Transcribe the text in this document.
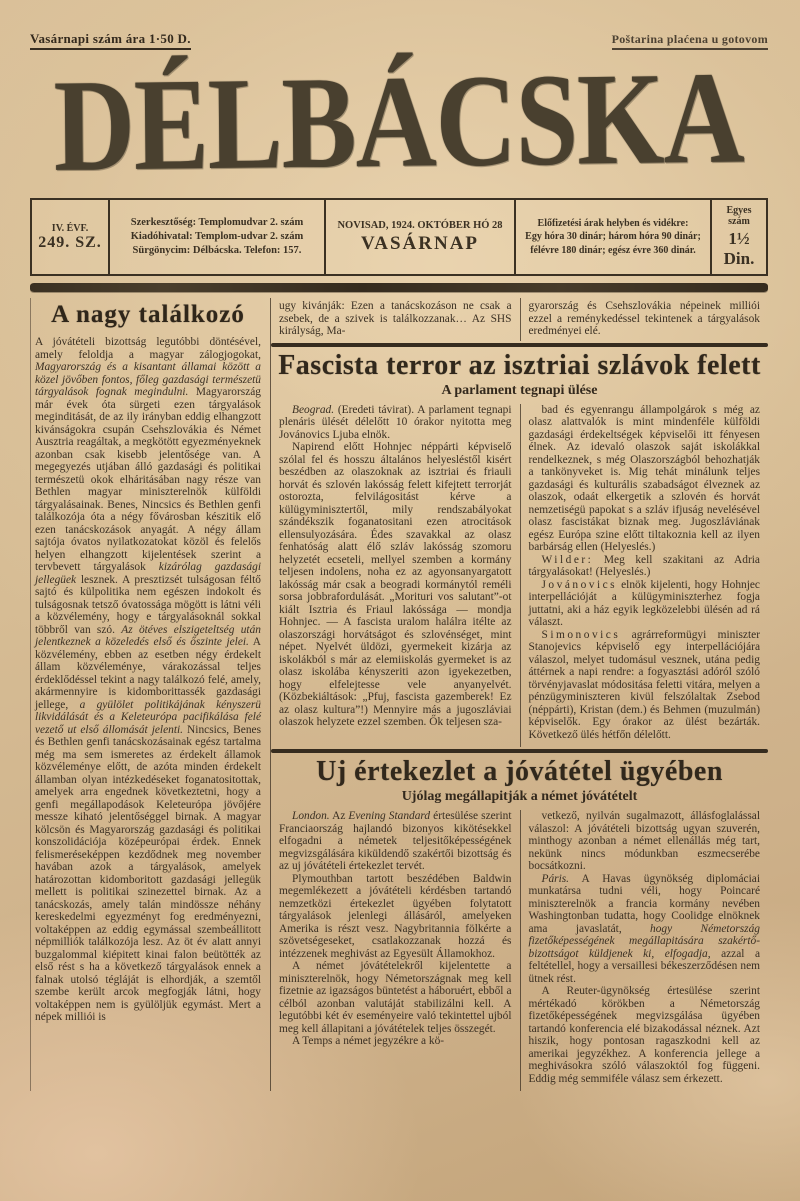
Vasárnapi szám ára 1·50 D.	Poštarina plaćena u gotovom
DÉLBÁCSKA
IV. ÉVF.
249. SZ.
Szerkesztőség: Templomudvar 2. szám
Kiadóhivatal: Templom-udvar 2. szám
Sürgönycim: Délbácska. Telefon: 157.
NOVISAD, 1924. OKTÓBER HÓ 28
VASÁRNAP
Előfizetési árak helyben és vidékre:
Egy hóra 30 dinár; három hóra 90 dinár;
félévre 180 dinár; egész évre 360 dinár.
Egyes szám
1½ Din.
A nagy találkozó

A jóvátételi bizottság legutóbbi döntésével, amely feloldja a magyar zálogjogokat, Magyarország és a kisantant államai között a közel jövőben fontos, főleg gazdasági természetü tárgyalások fognak megindulni. Magyarország már évek óta sürgeti ezen tárgyalások meginditását, de az ily irányban eddig elhangzott kivánságokra csupán Csehszlovákia és Német Ausztria reagáltak, a megkötött egyezményeknek azonban csak kisebb jelentősége van. A megegyezés utjában álló gazdasági és politikai természetü okok elháritásában nagy része van Bethlen magyar miniszterelnök külföldi tárgyalásainak. Benes, Nincsics és Bethlen genfi találkozója óta a négy fővárosban készitik elő ezen tanácskozások anyagát. A négy állam sajtója óvatos nyilatkozatokat közöl és felelős helyen elhangzott kijelentések szerint a tervbevett tárgyalások kizárólag gazdasági jellegüek lesznek. A presztizsét tulságosan féltő sajtó és külpolitika nem egészen indokolt és tulságosnak tetsző óvatossága mögött is látni véli a közvélemény, hogy e tárgyalásoknál sokkal többről van szó. Az ötéves elszigeteltség után jelentkeznek a közeledés első és őszinte jelei. A közvélemény, ebben az esetben négy érdekelt állam közvéleménye, várakozással teljes érdeklődéssel tekint a nagy találkozó felé, amely, akármennyire is kidomborittassék gazdasági jellege, a gyülölet politikájának kényszerü likvidálását és a Keleteurópa pacifikálása felé vezető ut első állomását jelenti. Nincsics, Benes és Bethlen genfi tanácskozásainak egész tartalma még ma sem ismeretes az érdekelt államok közvéleménye előtt, de azóta minden érdekelt államban olyan intézkedéseket foganatositottak, amelyek arra engednek következtetni, hogy a genfi megállapodások Keleteurópa jövőjére messze kiható jelentőséggel birnak. A magyar kölcsön és Magyarország gazdasági és politikai konszolidációja középeurópai érdek. Ennek felismeréseképpen kezdődnek meg november havában azok a tárgyalások, amelyek határozottan kidomboritott gazdasági jellegük mellett is politikai szinezettel birnak. Az a tanácskozás, amely talán mindössze néhány kereskedelmi egyezményt fog eredményezni, voltaképpen az eddig egymással szembeállitott népmilliók találkozója lesz. Az öt év alatt annyi buzgalommal kiépitett kinai falon beütötték az első rést s ha a következő tárgyalások ennek a falnak utolsó tégláját is elhordják, a szemtől szembe került arcok megfogják látni, hogy voltaképpen nem is gyülöljük egymást. Mert a népek milliói is

ugy kivánják: Ezen a tanácskozáson ne csak a zsebek, de a szivek is találkozzanak… Az SHS királyság, Ma-
gyarország és Csehszlovákia népeinek milliói ezzel a reménykedéssel tekintenek a tárgyalások eredményei elé.
Fascista terror az isztriai szlávok felett
A parlament tegnapi ülése

Beograd. (Eredeti távirat). A parlament tegnapi plenáris ülését délelőtt 10 órakor nyitotta meg Jovánovics Ljuba elnök.

Napirend előtt Hohnjec néppárti képviselő szólal fel és hosszu általános helyesléstől kisért beszédben az olaszoknak az isztriai és friauli horvát és szlovén lakósság felett kifejtett terrorját ostorozta, felvilágositást kérve a külügyminisztertől, mily rendszabályokat szándékszik foganatositani ezen atrocitások ellensulyozására. Édes szavakkal az olasz fenhatóság alatt élő szláv lakósság szomoru helyzetét ecseteli, mellyel szemben a kormány teljesen indolens, noha ez az agyonsanyargatott lakósság már csak a beogradi kormánytól reméli sorsa jobbrafordulását. „Morituri vos salutant”-ot kiált Isztria és Friaul lakóssága — mondja Hohnjec. — A fascista uralom halálra itélte az olaszországi horvátságot és szlovénséget, mint népet. Nyelvét üldözi, gyermekeit kizárja az iskolákból s már az elemiiskolás gyermeket is az olasz iskolába kényszeriti azon igyekezetben, hogy elfelejtesse vele anyanyelvét. (Közbekiáltások: „Pfuj, fascista gazemberek! Ez az olasz kultura”!) Mennyire más a jugoszláviai olaszok helyzete ezzel szemben. Ők teljesen sza-

bad és egyenrangu állampolgárok s még az olasz alattvalók is mint mindenféle külföldi gazdasági érdekeltségek képviselői itt fényesen élnek. Az idevaló olaszok saját iskolákkal rendelkeznek, s még Olaszországból behozhatják a tankönyveket is. Mig tehát minálunk teljes gazdasági és kulturális szabadságot élveznek az olaszok, odaát elkergetik a szlovén és horvát nemzetiségü papokat s a szláv ifjuság nevelésével olasz fascistákat biznak meg. Jugoszláviának egész Európa szine előtt tiltakoznia kell az ilyen barbárság ellen (Helyeslés.)

Wilder: Meg kell szakitani az Adria tárgyalásokat! (Helyeslés.)

Jovánovics elnök kijelenti, hogy Hohnjec interpellációját a külügyminiszterhez fogja juttatni, aki a ház egyik legközelebbi ülésén ad rá választ.

Simonovics agrárreformügyi miniszter Stanojevics képviselő egy interpellációjára válaszol, melyet tudomásul vesznek, utána pedig áttérnek a napi rendre: a fogyasztási adóról szóló törvényjavaslat módositása feletti vitára, melyen a pénzügyminiszteren kivül felszólaltak Zsebod (néppárti), Kristan (dem.) és Behmen (muzulmán) képviselők. Egy órakor az ülést bezárták. Következő ülés hétfőn délelőtt.

Uj értekezlet a jóvátétel ügyében
Ujólag megállapitják a német jóvátételt

London. Az Evening Standard értesülése szerint Franciaország hajlandó bizonyos kikötésekkel elfogadni a németek teljesitőképességének megvizsgálására kiküldendő szakértői bizottság és az uj jóvátételi értekezlet tervét.

Plymouthban tartott beszédében Baldwin megemlékezett a jóvátételi kérdésben tartandó nemzetközi értekezlet ügyében folytatott tárgyalások jelenlegi állásáról, amelyeken Amerika is részt vesz. Nagybritannia fölkérte a szövetségeseket, csatlakozzanak hozzá és intézzenek meghivást az Egyesült Államokhoz.

A német jóvátételekről kijelentette a miniszterelnök, hogy Németországnak meg kell fizetnie az igazságos büntetést a háboruért, ebből a célból azonban valutáját stabilizálni kell. A legutóbbi két év eseményeire való tekintettel ujból meg kell állapitani a jóvátételek teljes összegét.

A Temps a német jegyzékre a kö-

vetkező, nyilván sugalmazott, állásfoglalással válaszol: A jóvátételi bizottság ugyan szuverén, minthogy azonban a német ellenállás még tart, nekünk nincs módunkban eszmecserébe bocsátkozni.

Páris. A Havas ügynökség diplomáciai munkatársa tudni véli, hogy Poincaré miniszterelnök a francia kormány nevében Washingtonban tudatta, hogy Coolidge elnöknek ama javaslatát, hogy Németország fizetőképességének megállapitására szakértő-bizottságot küldjenek ki, elfogadja, azzal a feltétellel, hogy a versaillesi békeszerződésen nem ütnek rést.

A Reuter-ügynökség értesülése szerint mértékadó körökben a Németország fizetőképességének megvizsgálása ügyében tartandó konferencia elé bizakodással néznek. Azt hiszik, hogy pontosan ragaszkodni kell az amerikai jegyzékhez. A konferencia jellege a meghivásokra szóló válaszoktól fog függeni. Eddig még semmiféle válasz sem érkezett.
